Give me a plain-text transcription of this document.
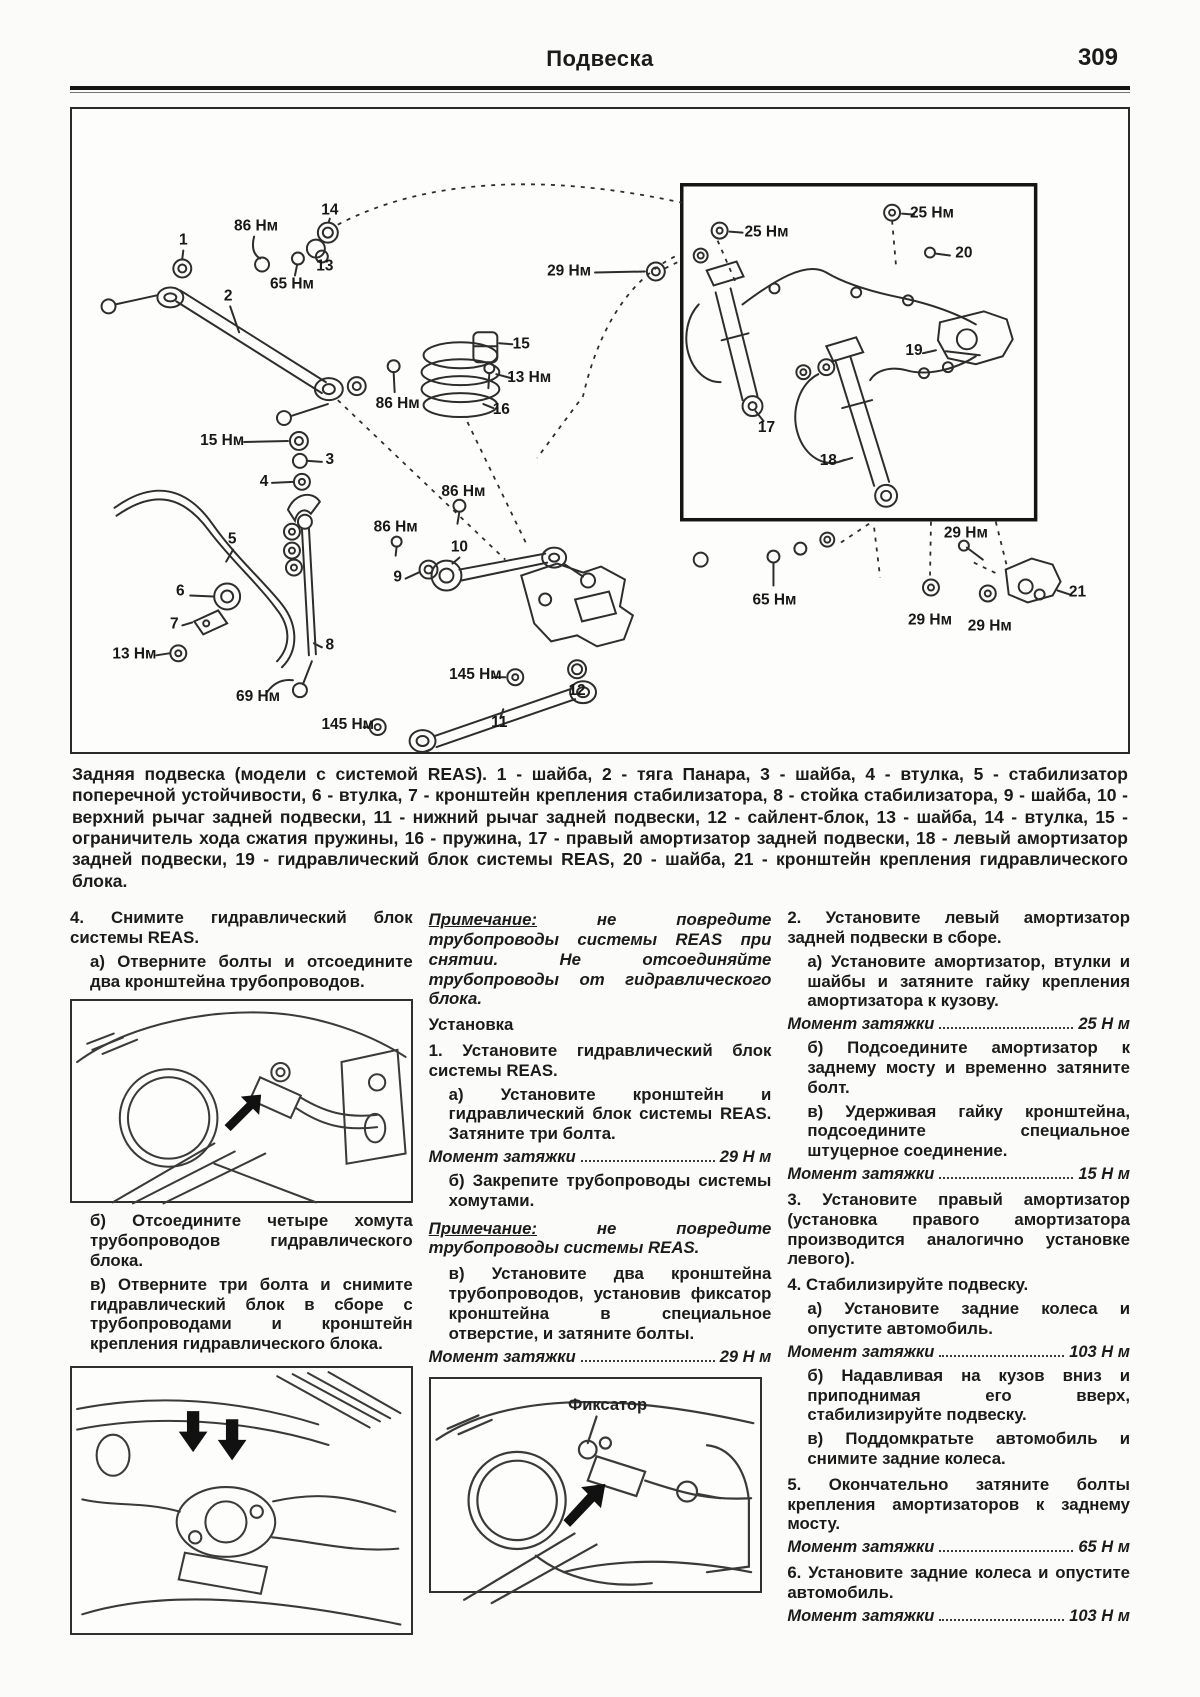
Подвеска	309
1
86 Нм
14
13
65 Нм
2
15
13 Нм
16
86 Нм
15 Нм
3
4
86 Нм
86 Нм
10
9
5
6
7
13 Нм
8
69 Нм
145 Нм
145 Нм	11
12
25 Нм
29 Нм
25 Нм
20
19
17
18
65 Нм
29 Нм
29 Нм 29 Нм
21

Задняя подвеска (модели с системой REAS). 1 - шайба, 2 - тяга Панара, 3 - шайба, 4 - втулка, 5 - стабилизатор поперечной устойчивости, 6 - втулка, 7 - кронштейн крепления стабилизатора, 8 - стойка стабилизатора, 9 - шайба, 10 - верхний рычаг задней подвески, 11 - нижний рычаг задней подвески, 12 - сайлент-блок, 13 - шайба, 14 - втулка, 15 - ограничитель хода сжатия пружины, 16 - пружина, 17 - правый амортизатор задней подвески, 18 - левый амортизатор задней подвески, 19 - гидравлический блок системы REAS, 20 - шайба, 21 - кронштейн крепления гидравлического блока.

4. Снимите гидравлический блок системы REAS.

а) Отверните болты и отсоедините два кронштейна трубопроводов.

б) Отсоедините четыре хомута трубопроводов гидравлического блока.

в) Отверните три болта и снимите гидравлический блок в сборе с трубопроводами и кронштейн крепления гидравлического блока.

Примечание: не повредите трубопроводы системы REAS при снятии. Не отсоединяйте трубопроводы от гидравлического блока.

Установка

1. Установите гидравлический блок системы REAS.

а) Установите кронштейн и гидравлический блок системы REAS. Затяните три болта.

Момент затяжки	29 Н м

б) Закрепите трубопроводы системы хомутами.

Примечание: не повредите трубопроводы системы REAS.

в) Установите два кронштейна трубопроводов, установив фиксатор кронштейна в специальное отверстие, и затяните болты.

Момент затяжки	29 Н м
Фиксатор

2. Установите левый амортизатор задней подвески в сборе.

а) Установите амортизатор, втулки и шайбы и затяните гайку крепления амортизатора к кузову.

Момент затяжки	25 Н м

б) Подсоедините амортизатор к заднему мосту и временно затяните болт.

в) Удерживая гайку кронштейна, подсоедините специальное штуцерное соединение.

Момент затяжки	15 Н м

3. Установите правый амортизатор (установка правого амортизатора производится аналогично установке левого).

4. Стабилизируйте подвеску.

а) Установите задние колеса и опустите автомобиль.

Момент затяжки	103 Н м

б) Надавливая на кузов вниз и приподнимая его вверх, стабилизируйте подвеску.

в) Поддомкратьте автомобиль и снимите задние колеса.

5. Окончательно затяните болты крепления амортизаторов к заднему мосту.

Момент затяжки	65 Н м

6. Установите задние колеса и опустите автомобиль.

Момент затяжки	103 Н м
